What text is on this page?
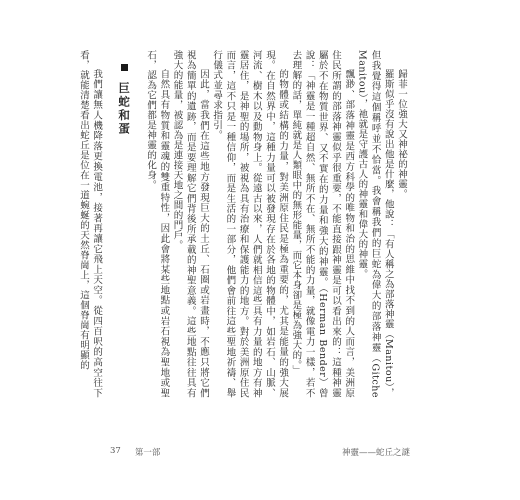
歸菲一位強大又神祕的神靈。

羅斯似乎沒有說出他是什麼，他說：「有人稱之為部落神靈（Manitou），但我覺得這個稱呼並不恰當。我會稱我們的巨蛇為偉大的部落神靈（Gitche Manitou），祂就是守護古人的神靈和偉大的神靈。

飄渺、部落神靈是西方科學的唯物和治的思維中找不到的人而言，美洲原住民所謂的部落神靈似乎很重要，不能直接跟神靈是可以看出來的：這種神靈屬於不在物質世界、又不實在的力量和強大的神靈。（Herman Bender）曾說：「神靈是一種超自然、無所不在、無所不能的力量，就像電力一樣，若不去理解的話，單純就是人類眼中的無形能量，而它本身卻是極為強大的。」

的物體或結構的力量，對美洲原住民是極為重要的，尤其是能量的強大展現。在自然界中，這種力量可以被發現存在於各地的物體中，如岩石、山脈、河流、樹木以及動物身上。從遠古以來，人們就相信這些具有力量的地方有神靈居住，是神聖的場所，被視為具有治療和保護能力的地方。對於美洲原住民而言，這不只是一種信仰，而是生活的一部分，他們會前往這些聖地祈禱、舉行儀式並尋求指引。

因此，當我們在這些地方發現巨大的土丘、石圈或岩畫時，不應只將它們視為簡單的遺跡，而是要理解它們背後所承載的神聖意義。這些地點往往具有強大的能量，被認為是連接天地之間的門戶。

自然具有物質和靈魂的雙重特性，因此會將某些地點或岩石視為聖地或聖石，認為它們都是神靈的化身。

巨蛇和蛋

我們讓無人機降落更換電池，接著再讓它飛上天空。從四百呎的高空往下看，就能清楚看出蛇丘是位在一道蜿蜒的天然脊崗上，這個脊崗有明顯的

37 第一部	神靈——蛇丘之謎
